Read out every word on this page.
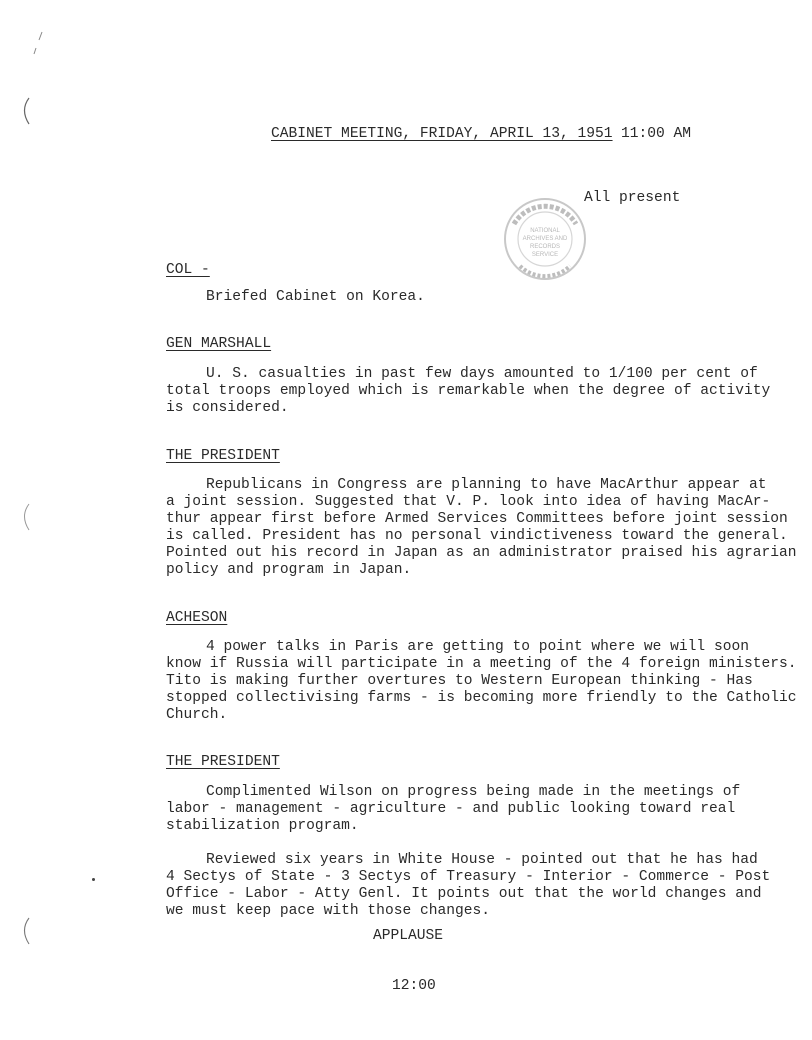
CABINET MEETING, FRIDAY, APRIL 13, 1951 11:00 AM
All present
NATIONAL
ARCHIVES AND
RECORDS
SERVICE
COL -
Briefed Cabinet on Korea.
GEN MARSHALL
U. S. casualties in past few days amounted to 1/100 per cent of
total troops employed which is remarkable when the degree of activity
is considered.
THE PRESIDENT
Republicans in Congress are planning to have MacArthur appear at
a joint session. Suggested that V. P. look into idea of having MacAr-
thur appear first before Armed Services Committees before joint session
is called. President has no personal vindictiveness toward the general.
Pointed out his record in Japan as an administrator praised his agrarian
policy and program in Japan.
ACHESON
4 power talks in Paris are getting to point where we will soon
know if Russia will participate in a meeting of the 4 foreign ministers.
Tito is making further overtures to Western European thinking - Has
stopped collectivising farms - is becoming more friendly to the Catholic
Church.
THE PRESIDENT
Complimented Wilson on progress being made in the meetings of
labor - management - agriculture - and public looking toward real
stabilization program.
Reviewed six years in White House - pointed out that he has had
4 Sectys of State - 3 Sectys of Treasury - Interior - Commerce - Post
Office - Labor - Atty Genl. It points out that the world changes and
we must keep pace with those changes.
APPLAUSE
12:00
